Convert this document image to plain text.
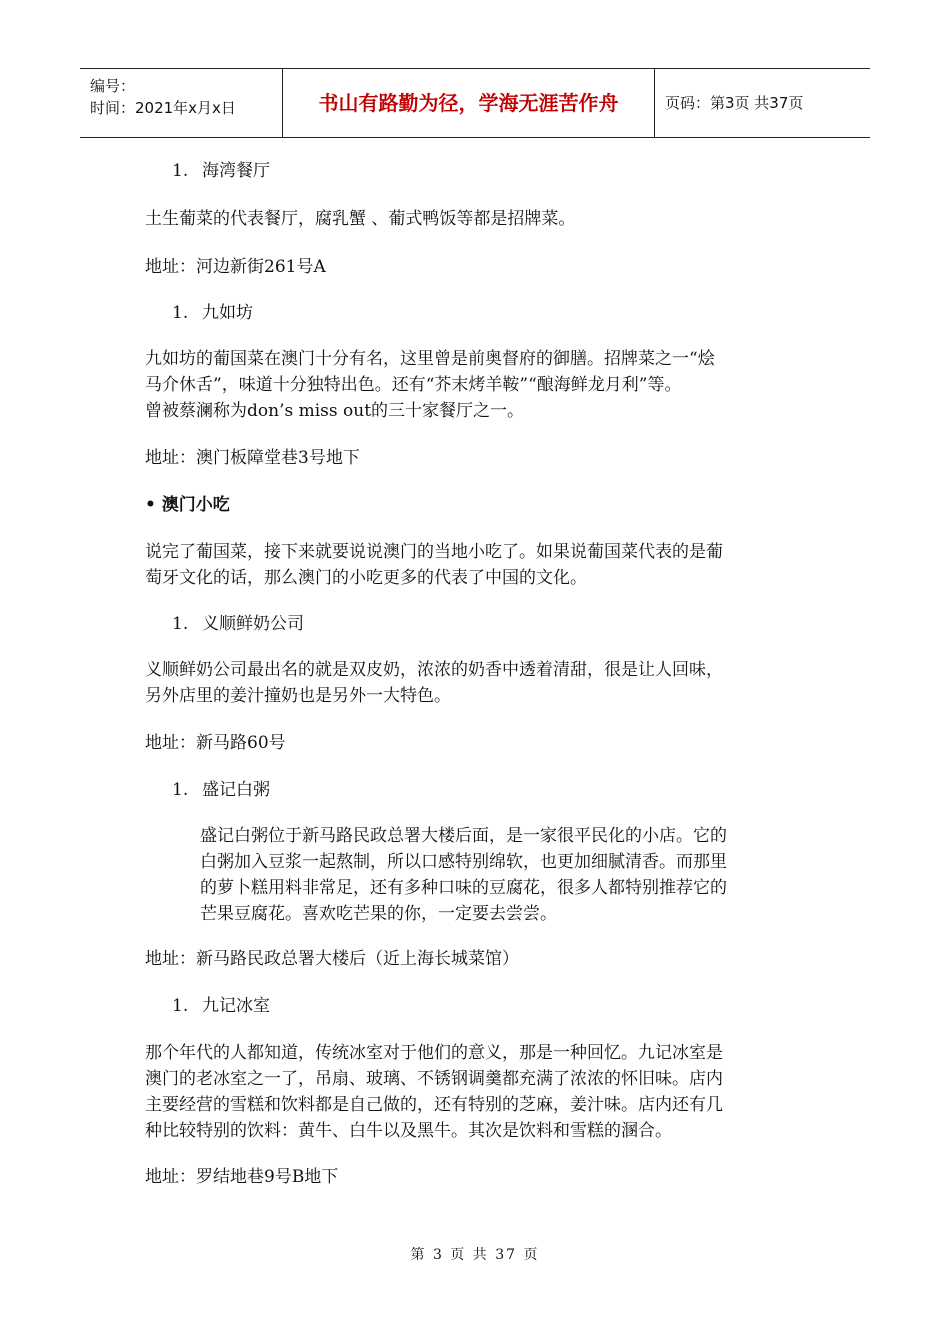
编号：
时间：2021年x月x日	书山有路勤为径，学海无涯苦作舟	页码：第3页 共37页
1. 海湾餐厅
土生葡菜的代表餐厅，腐乳蟹 、葡式鸭饭等都是招牌菜。
地址：河边新街261号A
1. 九如坊
九如坊的葡国菜在澳门十分有名，这里曾是前奥督府的御膳。招牌菜之一“烩
马介休舌”，味道十分独特出色。还有“芥末烤羊鞍”“酿海鲜龙月利”等。
曾被蔡澜称为don’s miss out的三十家餐厅之一。
地址：澳门板障堂巷3号地下
• 澳门小吃
说完了葡国菜，接下来就要说说澳门的当地小吃了。如果说葡国菜代表的是葡
萄牙文化的话，那么澳门的小吃更多的代表了中国的文化。
1. 义顺鲜奶公司
义顺鲜奶公司最出名的就是双皮奶，浓浓的奶香中透着清甜，很是让人回味，
另外店里的姜汁撞奶也是另外一大特色。
地址：新马路60号
1. 盛记白粥
盛记白粥位于新马路民政总署大楼后面，是一家很平民化的小店。它的
白粥加入豆浆一起熬制，所以口感特别绵软，也更加细腻清香。而那里
的萝卜糕用料非常足，还有多种口味的豆腐花，很多人都特别推荐它的
芒果豆腐花。喜欢吃芒果的你，一定要去尝尝。
地址：新马路民政总署大楼后（近上海长城菜馆）
1. 九记冰室
那个年代的人都知道，传统冰室对于他们的意义，那是一种回忆。九记冰室是
澳门的老冰室之一了，吊扇、玻璃、不锈钢调羹都充满了浓浓的怀旧味。店内
主要经营的雪糕和饮料都是自己做的，还有特别的芝麻，姜汁味。店内还有几
种比较特别的饮料：黄牛、白牛以及黑牛。其次是饮料和雪糕的溷合。
地址：罗结地巷9号B地下
第 3 页 共 37 页
